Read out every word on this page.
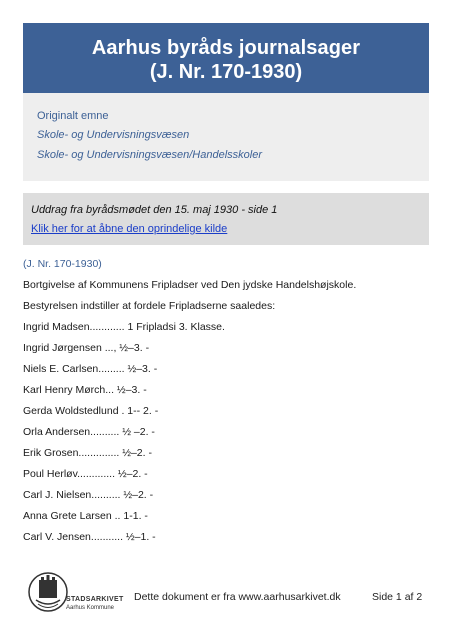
Aarhus byråds journalsager
(J. Nr. 170-1930)
Originalt emne
Skole- og Undervisningsvæsen
Skole- og Undervisningsvæsen/Handelsskoler
Uddrag fra byrådsmødet den 15. maj 1930 - side 1
Klik her for at åbne den oprindelige kilde
(J. Nr. 170-1930)
Bortgivelse af Kommunens Fripladser ved Den jydske Handelshøjskole.
Bestyrelsen indstiller at fordele Fripladserne saaledes:
Ingrid Madsen............ 1 Fripladsi 3. Klasse.
Ingrid Jørgensen ..., ½–3. -
Niels E. Carlsen......... ½–3. -
Karl Henry Mørch... ½–3. -
Gerda Woldstedlund . 1-- 2. -
Orla Andersen.......... ½ –2. -
Erik Grosen.............. ½–2. -
Poul Herløv............. ½–2. -
Carl J. Nielsen.......... ½–2. -
Anna Grete Larsen .. 1-1. -
Carl V. Jensen........... ½–1. -
STADSARKIVET
Aarhus Kommune
Dette dokument er fra www.aarhusarkivet.dk	Side 1 af 2
